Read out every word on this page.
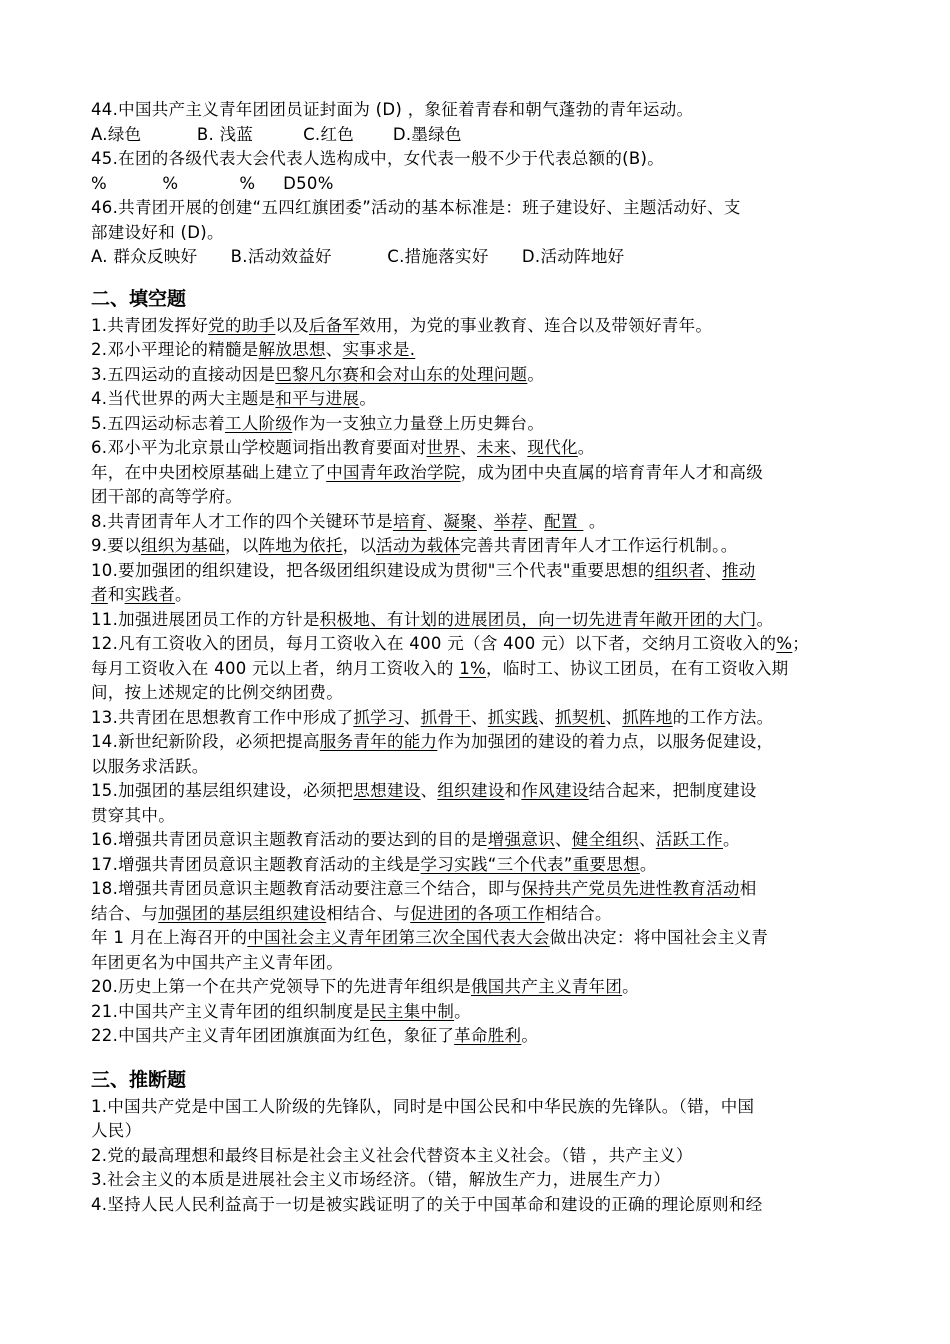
44.中国共产主义青年团团员证封面为 (D) ，象征着青春和朝气蓬勃的青年运动。
A.绿色          B. 浅蓝         C.红色       D.墨绿色
45.在团的各级代表大会代表人选构成中，女代表一般不少于代表总额的(B)。
%          %           %     D50%
46.共青团开展的创建“五四红旗团委”活动的基本标准是：班子建设好、主题活动好、支
部建设好和 (D)。
A. 群众反映好      B.活动效益好          C.措施落实好      D.活动阵地好
二、填空题
1.共青团发挥好党的助手以及后备军效用，为党的事业教育、连合以及带领好青年。
2.邓小平理论的精髓是解放思想、实事求是.
3.五四运动的直接动因是巴黎凡尔赛和会对山东的处理问题。
4.当代世界的两大主题是和平与进展。
5.五四运动标志着工人阶级作为一支独立力量登上历史舞台。
6.邓小平为北京景山学校题词指出教育要面对世界、未来、现代化。
年，在中央团校原基础上建立了中国青年政治学院，成为团中央直属的培育青年人才和高级
团干部的高等学府。
8.共青团青年人才工作的四个关键环节是培育、凝聚、举荐、配置  。
9.要以组织为基础，以阵地为依托，以活动为载体完善共青团青年人才工作运行机制。。
10.要加强团的组织建设，把各级团组织建设成为贯彻"三个代表"重要思想的组织者、推动
者和实践者。
11.加强进展团员工作的方针是积极地、有计划的进展团员，向一切先进青年敞开团的大门。
12.凡有工资收入的团员，每月工资收入在 400 元（含 400 元）以下者，交纳月工资收入的%；
每月工资收入在 400 元以上者，纳月工资收入的 1%，临时工、协议工团员，在有工资收入期
间，按上述规定的比例交纳团费。
13.共青团在思想教育工作中形成了抓学习、抓骨干、抓实践、抓契机、抓阵地的工作方法。
14.新世纪新阶段，必须把提高服务青年的能力作为加强团的建设的着力点，以服务促建设，
以服务求活跃。
15.加强团的基层组织建设，必须把思想建设、组织建设和作风建设结合起来，把制度建设
贯穿其中。
16.增强共青团员意识主题教育活动的要达到的目的是增强意识、健全组织、活跃工作。
17.增强共青团员意识主题教育活动的主线是学习实践“三个代表”重要思想。
18.增强共青团员意识主题教育活动要注意三个结合，即与保持共产党员先进性教育活动相
结合、与加强团的基层组织建设相结合、与促进团的各项工作相结合。
年 1 月在上海召开的中国社会主义青年团第三次全国代表大会做出决定：将中国社会主义青
年团更名为中国共产主义青年团。
20.历史上第一个在共产党领导下的先进青年组织是俄国共产主义青年团。
21.中国共产主义青年团的组织制度是民主集中制。
22.中国共产主义青年团团旗旗面为红色，象征了革命胜利。
三、推断题
1.中国共产党是中国工人阶级的先锋队，同时是中国公民和中华民族的先锋队。（错，中国
人民）
2.党的最高理想和最终目标是社会主义社会代替资本主义社会。（错 ，共产主义）
3.社会主义的本质是进展社会主义市场经济。（错，解放生产力，进展生产力）
4.坚持人民人民利益高于一切是被实践证明了的关于中国革命和建设的正确的理论原则和经
